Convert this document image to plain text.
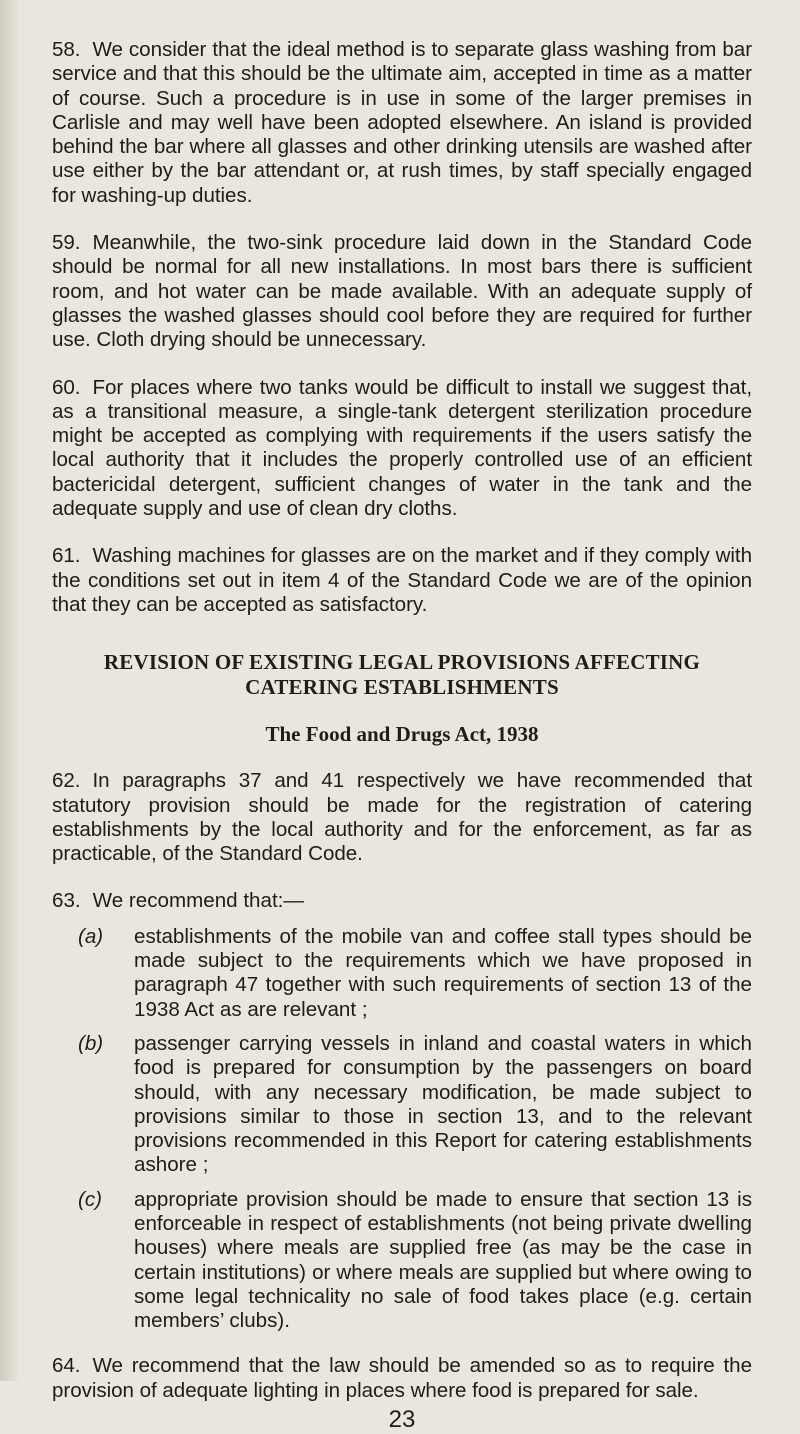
58. We consider that the ideal method is to separate glass washing from bar service and that this should be the ultimate aim, accepted in time as a matter of course. Such a procedure is in use in some of the larger premises in Carlisle and may well have been adopted elsewhere. An island is provided behind the bar where all glasses and other drinking utensils are washed after use either by the bar attendant or, at rush times, by staff specially engaged for washing-up duties.

59. Meanwhile, the two-sink procedure laid down in the Standard Code should be normal for all new installations. In most bars there is sufficient room, and hot water can be made available. With an adequate supply of glasses the washed glasses should cool before they are required for further use. Cloth drying should be unnecessary.

60. For places where two tanks would be difficult to install we suggest that, as a transitional measure, a single-tank detergent sterilization procedure might be accepted as complying with requirements if the users satisfy the local authority that it includes the properly controlled use of an efficient bactericidal detergent, sufficient changes of water in the tank and the adequate supply and use of clean dry cloths.

61. Washing machines for glasses are on the market and if they comply with the conditions set out in item 4 of the Standard Code we are of the opinion that they can be accepted as satisfactory.

REVISION OF EXISTING LEGAL PROVISIONS AFFECTING
CATERING ESTABLISHMENTS
The Food and Drugs Act, 1938

62. In paragraphs 37 and 41 respectively we have recommended that statutory provision should be made for the registration of catering establishments by the local authority and for the enforcement, as far as practicable, of the Standard Code.

63. We recommend that:—

(a)	establishments of the mobile van and coffee stall types should be made subject to the requirements which we have proposed in paragraph 47 together with such requirements of section 13 of the 1938 Act as are relevant ;
(b)	passenger carrying vessels in inland and coastal waters in which food is prepared for consumption by the passengers on board should, with any necessary modification, be made subject to provisions similar to those in section 13, and to the relevant provisions recommended in this Report for catering establishments ashore ;
(c)	appropriate provision should be made to ensure that section 13 is enforceable in respect of establishments (not being private dwelling houses) where meals are supplied free (as may be the case in certain institutions) or where meals are supplied but where owing to some legal technicality no sale of food takes place (e.g. certain members’ clubs).

64. We recommend that the law should be amended so as to require the provision of adequate lighting in places where food is prepared for sale.

23
